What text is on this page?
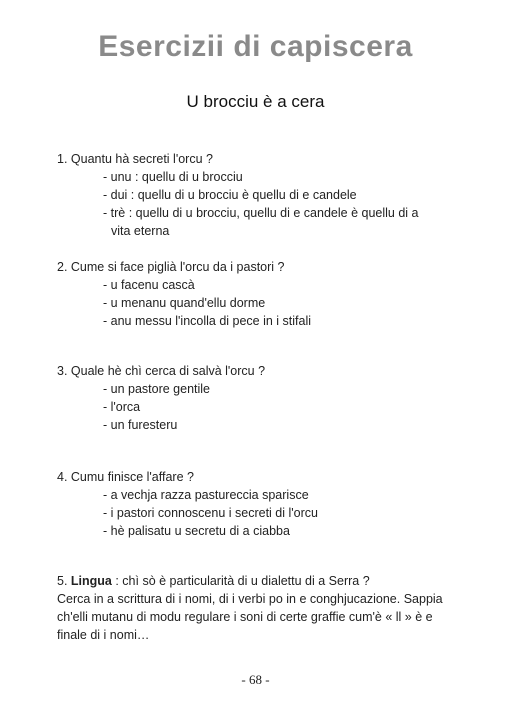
Esercizii di capiscera
U brocciu è a cera
1. Quantu hà secreti l'orcu ?
- unu : quellu di u brocciu
- dui : quellu di u brocciu è quellu di e candele
- trè : quellu di u brocciu, quellu di e candele è quellu di a
vita eterna
2. Cume si face piglià l'orcu da i pastori ?
- u facenu cascà
- u menanu quand'ellu dorme
- anu messu l'incolla di pece in i stifali
3. Quale hè chì cerca di salvà l'orcu ?
- un pastore gentile
- l'orca
- un furesteru
4. Cumu finisce l'affare ?
- a vechja razza pastureccia sparisce
- i pastori connoscenu i secreti di l'orcu
- hè palisatu u secretu di a ciabba
5. Lingua : chì sò è particularità di u dialettu di a Serra ?
Cerca in a scrittura di i nomi, di i verbi po in e conghjucazione. Sappia ch'elli mutanu di modu regulare i soni di certe graffie cum'è « ll » è e finale di i nomi…
- 68 -
